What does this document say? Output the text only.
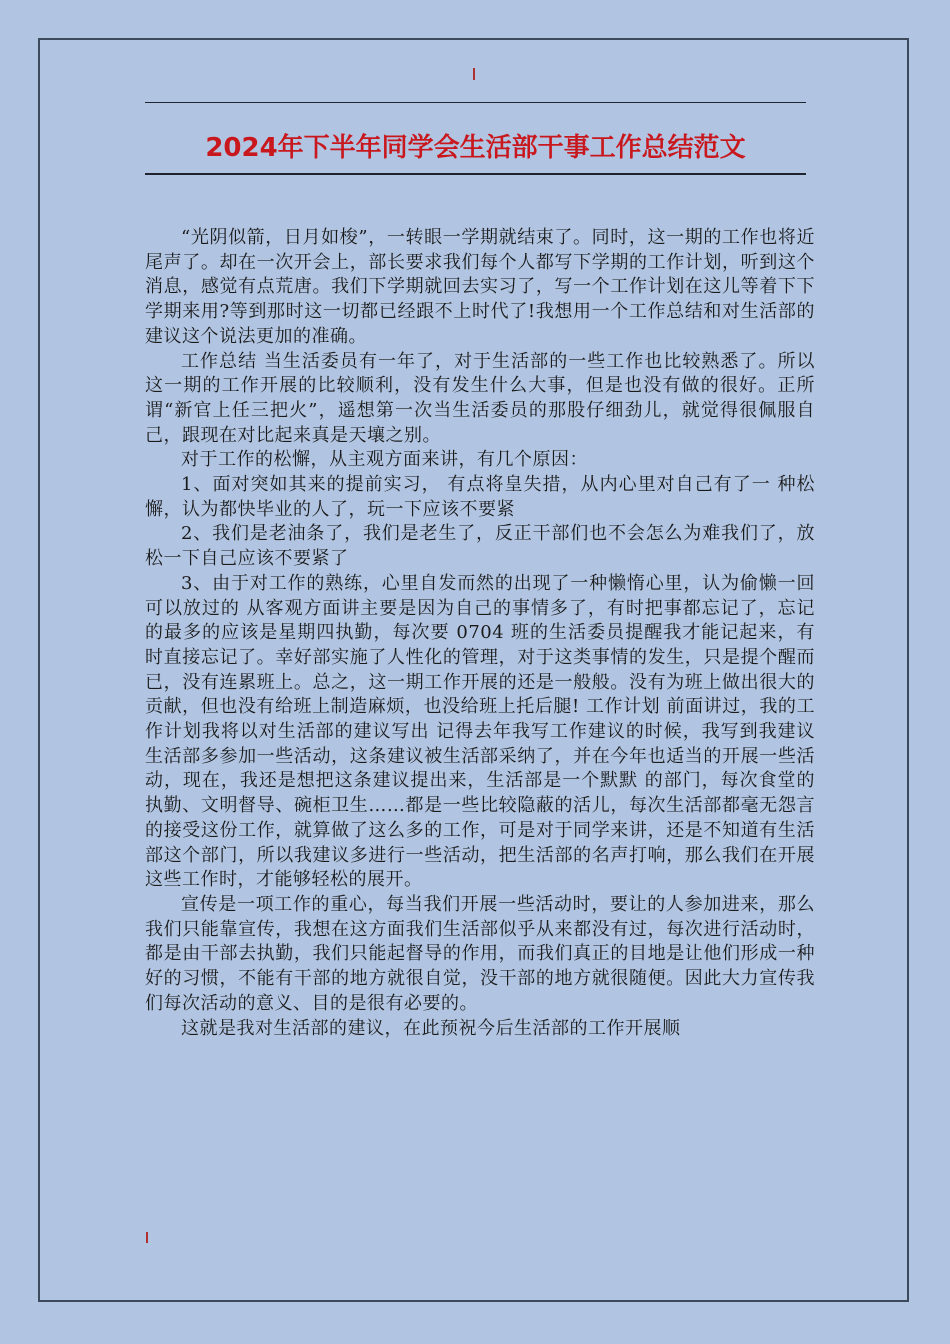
2024年下半年同学会生活部干事工作总结范文

“光阴似箭，日月如梭”，一转眼一学期就结束了。同时，这一期的工作也将近尾声了。却在一次开会上，部长要求我们每个人都写下学期的工作计划，听到这个消息，感觉有点荒唐。我们下学期就回去实习了，写一个工作计划在这儿等着下下学期来用?等到那时这一切都已经跟不上时代了!我想用一个工作总结和对生活部的建议这个说法更加的准确。

工作总结 当生活委员有一年了，对于生活部的一些工作也比较熟悉了。所以这一期的工作开展的比较顺利，没有发生什么大事，但是也没有做的很好。正所谓“新官上任三把火”，遥想第一次当生活委员的那股仔细劲儿，就觉得很佩服自己，跟现在对比起来真是天壤之别。

对于工作的松懈，从主观方面来讲，有几个原因：

1、面对突如其来的提前实习， 有点将皇失措，从内心里对自己有了一 种松懈，认为都快毕业的人了，玩一下应该不要紧

2、我们是老油条了，我们是老生了，反正干部们也不会怎么为难我们了，放松一下自己应该不要紧了

3、由于对工作的熟练，心里自发而然的出现了一种懒惰心里，认为偷懒一回可以放过的 从客观方面讲主要是因为自己的事情多了，有时把事都忘记了，忘记的最多的应该是星期四执勤，每次要 0704 班的生活委员提醒我才能记起来，有时直接忘记了。幸好部实施了人性化的管理，对于这类事情的发生，只是提个醒而已，没有连累班上。总之，这一期工作开展的还是一般般。没有为班上做出很大的贡献，但也没有给班上制造麻烦，也没给班上托后腿! 工作计划 前面讲过，我的工作计划我将以对生活部的建议写出 记得去年我写工作建议的时候，我写到我建议生活部多参加一些活动，这条建议被生活部采纳了，并在今年也适当的开展一些活动，现在，我还是想把这条建议提出来，生活部是一个默默 的部门，每次食堂的执勤、文明督导、碗柜卫生……都是一些比较隐蔽的活儿，每次生活部都毫无怨言的接受这份工作，就算做了这么多的工作，可是对于同学来讲，还是不知道有生活部这个部门，所以我建议多进行一些活动，把生活部的名声打响，那么我们在开展这些工作时，才能够轻松的展开。

宣传是一项工作的重心，每当我们开展一些活动时，要让的人参加进来，那么我们只能靠宣传，我想在这方面我们生活部似乎从来都没有过，每次进行活动时，都是由干部去执勤，我们只能起督导的作用，而我们真正的目地是让他们形成一种好的习惯，不能有干部的地方就很自觉，没干部的地方就很随便。因此大力宣传我们每次活动的意义、目的是很有必要的。

这就是我对生活部的建议，在此预祝今后生活部的工作开展顺
